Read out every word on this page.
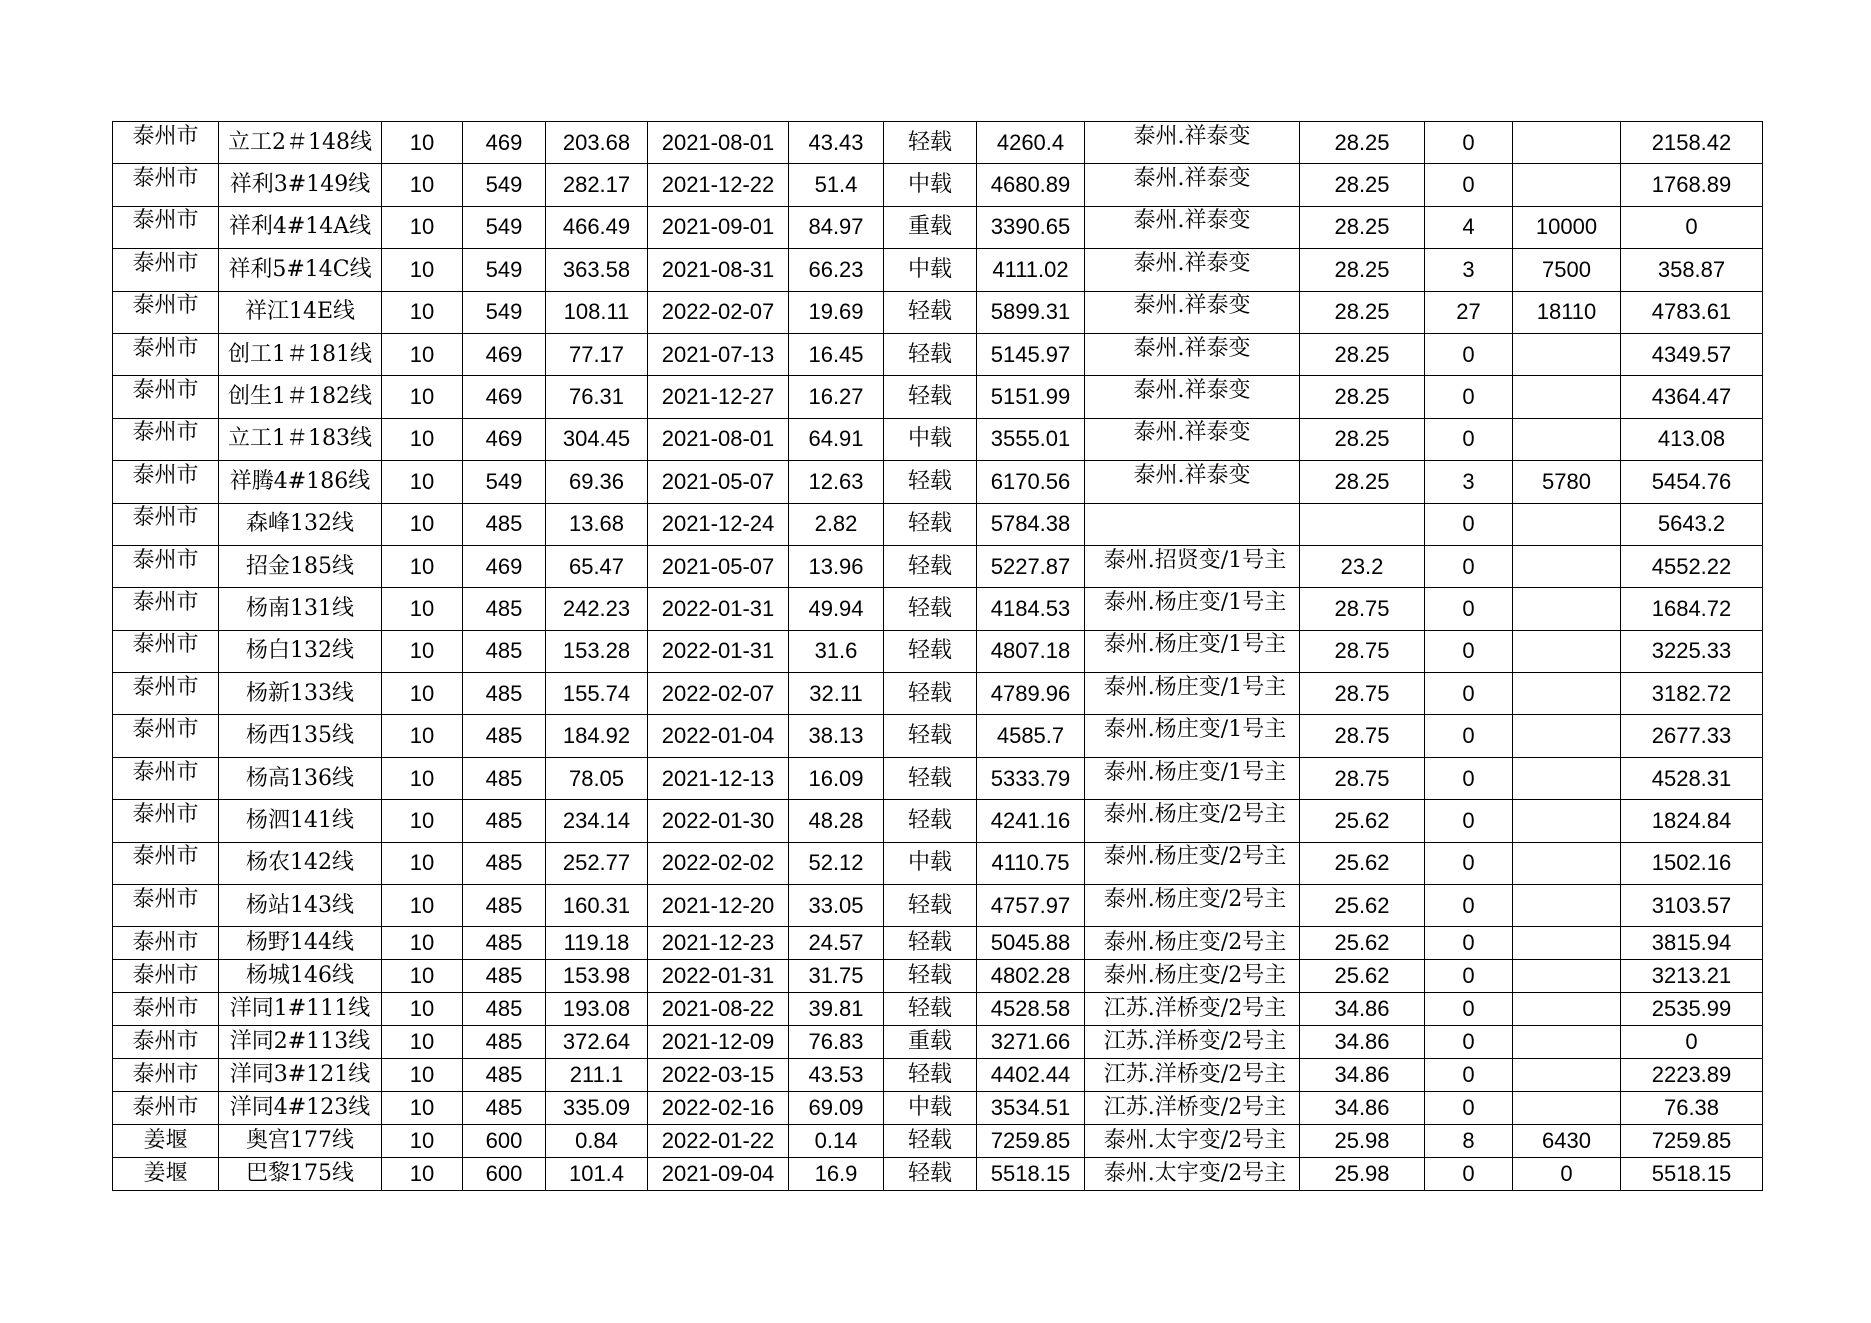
泰州市	立工2＃148线	10	469	203.68	2021-08-01	43.43	轻载	4260.4	泰州.祥泰变	28.25	0		2158.42
泰州市	祥利3#149线	10	549	282.17	2021-12-22	51.4	中载	4680.89	泰州.祥泰变	28.25	0		1768.89
泰州市	祥利4#14A线	10	549	466.49	2021-09-01	84.97	重载	3390.65	泰州.祥泰变	28.25	4	10000	0
泰州市	祥利5#14C线	10	549	363.58	2021-08-31	66.23	中载	4111.02	泰州.祥泰变	28.25	3	7500	358.87
泰州市	祥江14E线	10	549	108.11	2022-02-07	19.69	轻载	5899.31	泰州.祥泰变	28.25	27	18110	4783.61
泰州市	创工1＃181线	10	469	77.17	2021-07-13	16.45	轻载	5145.97	泰州.祥泰变	28.25	0		4349.57
泰州市	创生1＃182线	10	469	76.31	2021-12-27	16.27	轻载	5151.99	泰州.祥泰变	28.25	0		4364.47
泰州市	立工1＃183线	10	469	304.45	2021-08-01	64.91	中载	3555.01	泰州.祥泰变	28.25	0		413.08
泰州市	祥腾4#186线	10	549	69.36	2021-05-07	12.63	轻载	6170.56	泰州.祥泰变	28.25	3	5780	5454.76
泰州市	森峰132线	10	485	13.68	2021-12-24	2.82	轻载	5784.38			0		5643.2
泰州市	招金185线	10	469	65.47	2021-05-07	13.96	轻载	5227.87	泰州.招贤变/1号主	23.2	0		4552.22
泰州市	杨南131线	10	485	242.23	2022-01-31	49.94	轻载	4184.53	泰州.杨庄变/1号主	28.75	0		1684.72
泰州市	杨白132线	10	485	153.28	2022-01-31	31.6	轻载	4807.18	泰州.杨庄变/1号主	28.75	0		3225.33
泰州市	杨新133线	10	485	155.74	2022-02-07	32.11	轻载	4789.96	泰州.杨庄变/1号主	28.75	0		3182.72
泰州市	杨西135线	10	485	184.92	2022-01-04	38.13	轻载	4585.7	泰州.杨庄变/1号主	28.75	0		2677.33
泰州市	杨高136线	10	485	78.05	2021-12-13	16.09	轻载	5333.79	泰州.杨庄变/1号主	28.75	0		4528.31
泰州市	杨泗141线	10	485	234.14	2022-01-30	48.28	轻载	4241.16	泰州.杨庄变/2号主	25.62	0		1824.84
泰州市	杨农142线	10	485	252.77	2022-02-02	52.12	中载	4110.75	泰州.杨庄变/2号主	25.62	0		1502.16
泰州市	杨站143线	10	485	160.31	2021-12-20	33.05	轻载	4757.97	泰州.杨庄变/2号主	25.62	0		3103.57
泰州市	杨野144线	10	485	119.18	2021-12-23	24.57	轻载	5045.88	泰州.杨庄变/2号主	25.62	0		3815.94
泰州市	杨城146线	10	485	153.98	2022-01-31	31.75	轻载	4802.28	泰州.杨庄变/2号主	25.62	0		3213.21
泰州市	洋同1#111线	10	485	193.08	2021-08-22	39.81	轻载	4528.58	江苏.洋桥变/2号主	34.86	0		2535.99
泰州市	洋同2#113线	10	485	372.64	2021-12-09	76.83	重载	3271.66	江苏.洋桥变/2号主	34.86	0		0
泰州市	洋同3#121线	10	485	211.1	2022-03-15	43.53	轻载	4402.44	江苏.洋桥变/2号主	34.86	0		2223.89
泰州市	洋同4#123线	10	485	335.09	2022-02-16	69.09	中载	3534.51	江苏.洋桥变/2号主	34.86	0		76.38
姜堰	奥宫177线	10	600	0.84	2022-01-22	0.14	轻载	7259.85	泰州.太宇变/2号主	25.98	8	6430	7259.85
姜堰	巴黎175线	10	600	101.4	2021-09-04	16.9	轻载	5518.15	泰州.太宇变/2号主	25.98	0	0	5518.15
